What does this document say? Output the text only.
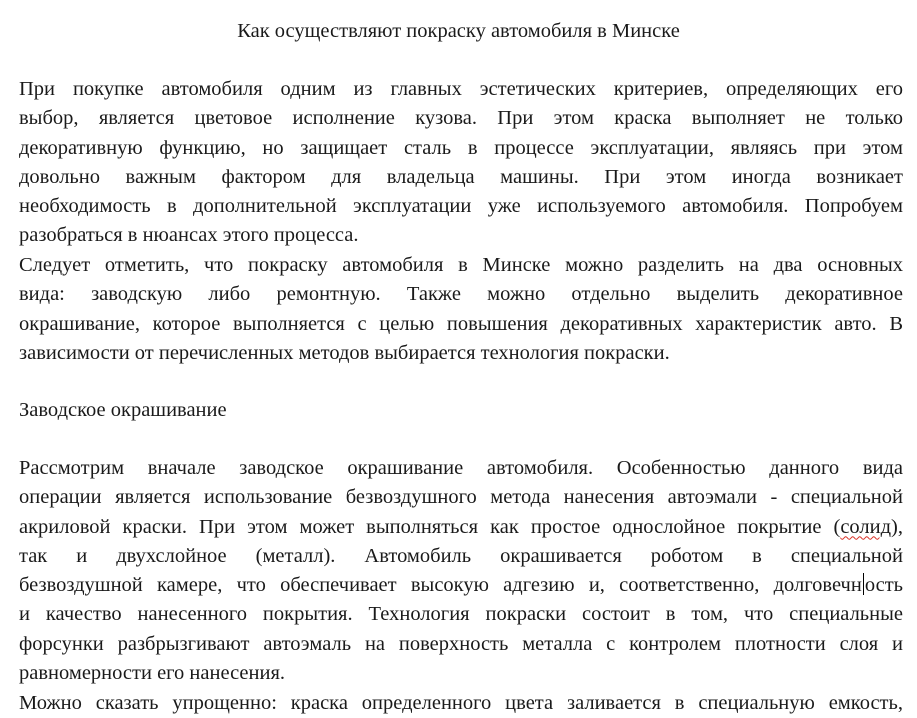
Как осуществляют покраску автомобиля в Минске
При покупке автомобиля одним из главных эстетических критериев, определяющих его
выбор, является цветовое исполнение кузова. При этом краска выполняет не только
декоративную функцию, но защищает сталь в процессе эксплуатации, являясь при этом
довольно важным фактором для владельца машины. При этом иногда возникает
необходимость в дополнительной эксплуатации уже используемого автомобиля. Попробуем
разобраться в нюансах этого процесса.
Следует отметить, что покраску автомобиля в Минске можно разделить на два основных
вида: заводскую либо ремонтную. Также можно отдельно выделить декоративное
окрашивание, которое выполняется с целью повышения декоративных характеристик авто. В
зависимости от перечисленных методов выбирается технология покраски.
Заводское окрашивание
Рассмотрим вначале заводское окрашивание автомобиля. Особенностью данного вида
операции является использование безвоздушного метода нанесения автоэмали - специальной
акриловой краски. При этом может выполняться как простое однослойное покрытие (солид),
так и двухслойное (металл). Автомобиль окрашивается роботом в специальной
безвоздушной камере, что обеспечивает высокую адгезию и, соответственно, долговечн ость
и качество нанесенного покрытия. Технология покраски состоит в том, что специальные
форсунки разбрызгивают автоэмаль на поверхность металла с контролем плотности слоя и
равномерности его нанесения.
Можно сказать упрощенно: краска определенного цвета заливается в специальную емкость,
